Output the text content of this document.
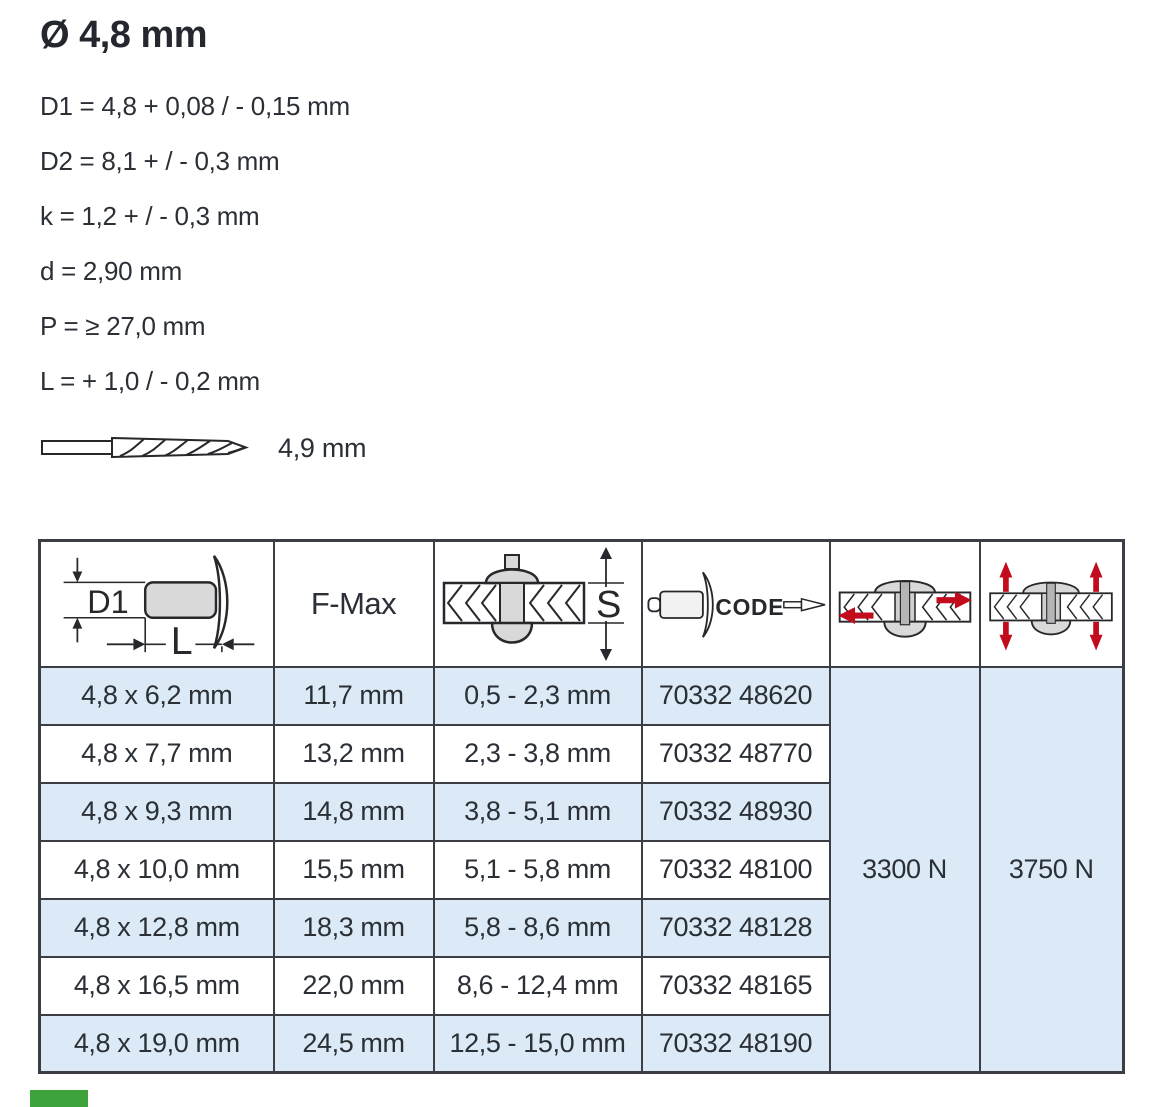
Ø 4,8 mm
D1 = 4,8 + 0,08 / - 0,15 mm
D2 = 8,1 + / - 0,3 mm
k = 1,2 + / - 0,3 mm
d = 2,90 mm
P = ≥ 27,0 mm
L = + 1,0 / - 0,2 mm
4,9 mm
D1
L	F-Max	S	CODE

4,8 x 6,2 mm	11,7 mm	0,5 - 2,3 mm	70332 48620	3300 N	3750 N
4,8 x 7,7 mm	13,2 mm	2,3 - 3,8 mm	70332 48770		
4,8 x 9,3 mm	14,8 mm	3,8 - 5,1 mm	70332 48930		
4,8 x 10,0 mm	15,5 mm	5,1 - 5,8 mm	70332 48100		
4,8 x 12,8 mm	18,3 mm	5,8 - 8,6 mm	70332 48128		
4,8 x 16,5 mm	22,0 mm	8,6 - 12,4 mm	70332 48165		
4,8 x 19,0 mm	24,5 mm	12,5 - 15,0 mm	70332 48190		
